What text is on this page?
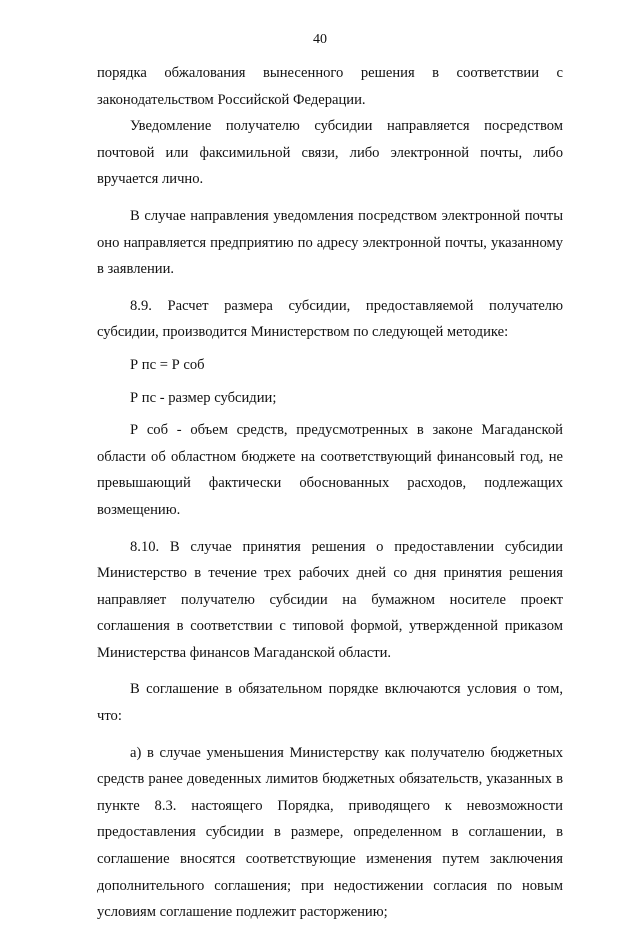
40

порядка обжалования вынесенного решения в соответствии с законодательством Российской Федерации.

Уведомление получателю субсидии направляется посредством почтовой или факсимильной связи, либо электронной почты, либо вручается лично.

В случае направления уведомления посредством электронной почты оно направляется предприятию по адресу электронной почты, указанному в заявлении.

8.9. Расчет размера субсидии, предоставляемой получателю субсидии, производится Министерством по следующей методике:

Р пс = Р соб

Р пс - размер субсидии;

Р соб - объем средств, предусмотренных в законе Магаданской области об областном бюджете на соответствующий финансовый год, не превышающий фактически обоснованных расходов, подлежащих возмещению.

8.10. В случае принятия решения о предоставлении субсидии Министерство в течение трех рабочих дней со дня принятия решения направляет получателю субсидии на бумажном носителе проект соглашения в соответствии с типовой формой, утвержденной приказом Министерства финансов Магаданской области.

В соглашение в обязательном порядке включаются условия о том, что:

а) в случае уменьшения Министерству как получателю бюджетных средств ранее доведенных лимитов бюджетных обязательств, указанных в пункте 8.3. настоящего Порядка, приводящего к невозможности предоставления субсидии в размере, определенном в соглашении, в соглашение вносятся соответствующие изменения путем заключения дополнительного соглашения; при недостижении согласия по новым условиям соглашение подлежит расторжению;
